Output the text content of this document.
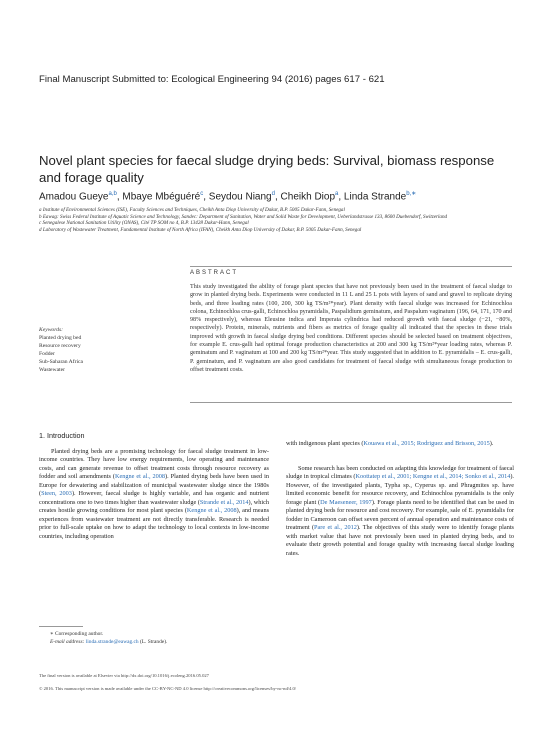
Final Manuscript Submitted to: Ecological Engineering 94 (2016) pages 617 - 621
Novel plant species for faecal sludge drying beds: Survival, biomass response and forage quality
Amadou Gueye$^{a,b}$, Mbaye Mbéguéré$^c$, Seydou Niang$^d$, Cheikh Diop$^a$, Linda Strande$^{b,∗}$

a Institute of Environmental Sciences (ISE), Faculty Sciences and Techniques, Cheikh Anta Diop University of Dakar, B.P. 5005 Dakar-Fann, Senegal

b Eawag: Swiss Federal Institute of Aquatic Science and Technology, Sandec: Department of Sanitation, Water and Solid Waste for Development, Ueberlandstrasse 133, 8600 Duebendorf, Switzerland

c Senegalese National Sanitation Utility (ONAS), Cité TP SOM no 4, B.P. 13428 Dakar-Hann, Senegal

d Laboratory of Wastewater Treatment, Fundamental Institute of North Africa (IFAN), Cheikh Anta Diop University of Dakar, B.P. 5005 Dakar-Fann, Senegal

ABSTRACT

This study investigated the ability of forage plant species that have not previously been used in the treatment of faecal sludge to grow in planted drying beds. Experiments were conducted in 11 L and 25 L pots with layers of sand and gravel to replicate drying beds, and three loading rates (100, 200, 300 kg TS/m²*year). Plant density with faecal sludge was increased for Echinochloa colona, Echinochloa crus-galli, Echinochloa pyramidalis, Paspalidium geminatum, and Paspalum vaginatum (196, 64, 171, 170 and 98% respectively), whereas Eleusine indica and Imperata cylindrica had reduced growth with faecal sludge (−21, −80%, respectively). Protein, minerals, nutrients and fibers as metrics of forage quality all indicated that the species in these trials improved with growth in faecal sludge drying bed conditions. Different species should be selected based on treatment objectives, for example E. crus-galli had optimal forage production characteristics at 200 and 300 kg TS/m²*year loading rates, whereas P. geminatum and P. vaginatum at 100 and 200 kg TS/m²*year. This study suggested that in addition to E. pyramidalis – E. crus-galli, P. geminatum, and P. vaginatum are also good candidates for treatment of faecal sludge with simultaneous forage production to offset treatment costs.

Keywords:
Planted drying bed
Resource recovery
Fodder
Sub-Saharan Africa
Wastewater
1. Introduction

Planted drying beds are a promising technology for faecal sludge treatment in low-income countries. They have low energy requirements, low operating and maintenance costs, and can generate revenue to offset treatment costs through resource recovery as fodder and soil amendments (Kengne et al., 2008). Planted drying beds have been used in Europe for dewatering and stabilization of municipal wastewater sludge since the 1980s (Steen, 2003). However, faecal sludge is highly variable, and has organic and nutrient concentrations one to two times higher than wastewater sludge (Strande et al., 2014), which creates hostile growing conditions for most plant species (Kengne et al., 2008), and means experiences from wastewater treatment are not directly transferable. Research is needed prior to full-scale uptake on how to adapt the technology to local contexts in low-income countries, including operation

with indigenous plant species (Kouawa et al., 2015; Rodriguez and Brisson, 2015).

Some research has been conducted on adapting this knowledge for treatment of faecal sludge in tropical climates (Koottatep et al., 2001; Kengne et al., 2014; Sonko et al., 2014). However, of the investigated plants, Typha sp., Cyperus sp. and Phragmites sp. have limited economic benefit for resource recovery, and Echinochloa pyramidalis is the only forage plant (De Maeseneer, 1997). Forage plants need to be identified that can be used in planted drying beds for resource and cost recovery. For example, sale of E. pyramidalis for fodder in Cameroon can offset seven percent of annual operation and maintenance costs of treatment (Pare et al., 2012). The objectives of this study were to identify forage plants with market value that have not previously been used in planted drying beds, and to evaluate their growth potential and forage quality with increasing faecal sludge loading rates.

∗ Corresponding author.
E-mail address: linda.strande@eawag.ch (L. Strande).
The final version is available at Elsevier via http://dx.doi.org/10.1016/j.ecoleng.2016.05.027
© 2016. This manuscript version is made available under the CC-BY-NC-ND 4.0 license http://creativecommons.org/licenses/by-nc-nd/4.0/
